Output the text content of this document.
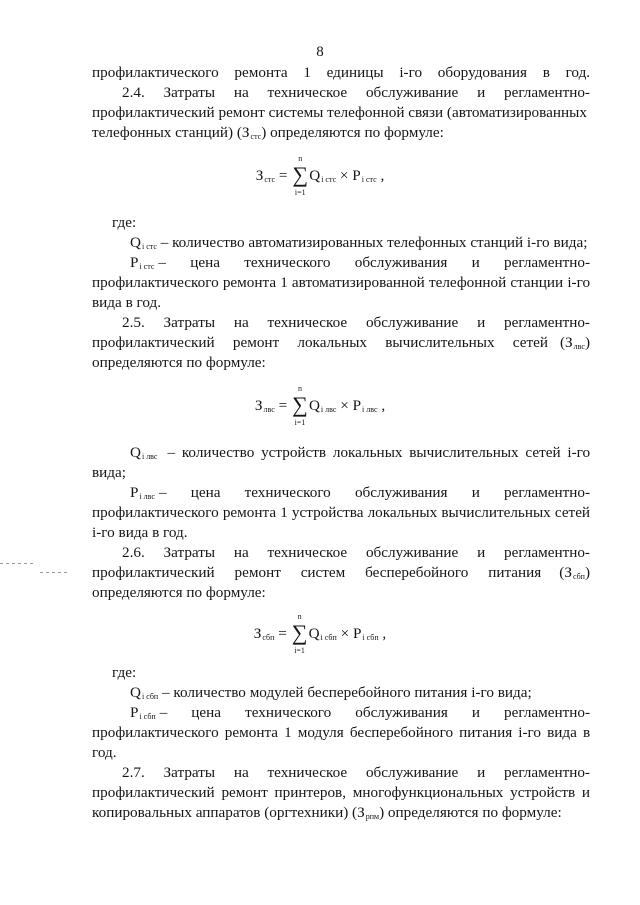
8
профилактического ремонта 1 единицы i-го оборудования в год.
2.4. Затраты на техническое обслуживание и регламентно-
профилактический ремонт системы телефонной связи (автоматизированных
телефонных станций) $(З_{стс})$ определяются по формуле:
$З_{стс}$ =
n
∑
i=1
$Q_{i стс} \times P_{i стс}$ ,
где:
$Q_{i стс}$ – количество автоматизированных телефонных станций i-го вида;
$P_{i стс}$ – цена технического обслуживания и регламентно-
профилактического ремонта 1 автоматизированной телефонной станции i-го
вида в год.
2.5. Затраты на техническое обслуживание и регламентно-
профилактический ремонт локальных вычислительных сетей $(З_{лвс})$
определяются по формуле:
$З_{лвс}$ =
n
∑
i=1
$Q_{i лвс} \times P_{i лвс}$ ,
$Q_{i лвс}$ – количество устройств локальных вычислительных сетей i-го
вида;
$P_{i лвс}$ – цена технического обслуживания и регламентно-
профилактического ремонта 1 устройства локальных вычислительных сетей
i-го вида в год.
2.6. Затраты на техническое обслуживание и регламентно-
профилактический ремонт систем бесперебойного питания $(З_{сбп})$
определяются по формуле:
$З_{сбп}$ =
n
∑
i=1
$Q_{i сбп} \times P_{i сбп}$ ,
где:
$Q_{i сбп}$ – количество модулей бесперебойного питания i-го вида;
$P_{i сбп}$ – цена технического обслуживания и регламентно-
профилактического ремонта 1 модуля бесперебойного питания i-го вида в
год.
2.7. Затраты на техническое обслуживание и регламентно-
профилактический ремонт принтеров, многофункциональных устройств и
копировальных аппаратов (оргтехники) $(З_{рпм})$ определяются по формуле:
